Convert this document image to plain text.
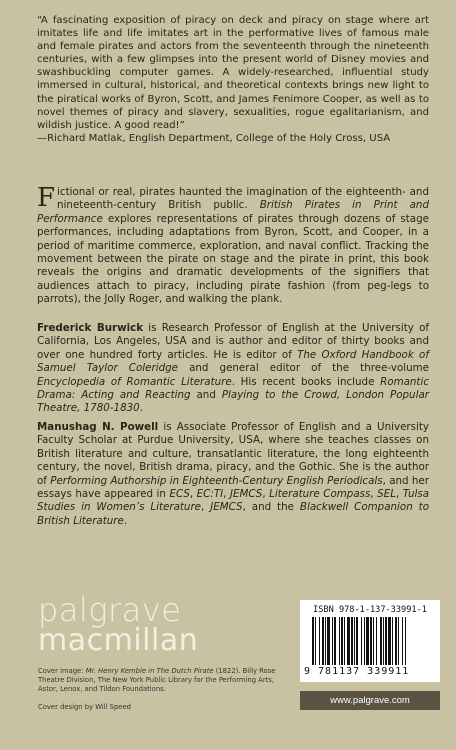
“A fascinating exposition of piracy on deck and piracy on stage where art imitates life and life imitates art in the performative lives of famous male and female pirates and actors from the seventeenth through the nineteenth centuries, with a few glimpses into the present world of Disney movies and swashbuckling computer games. A widely-researched, influential study immersed in cultural, historical, and theoretical contexts brings new light to the piratical works of Byron, Scott, and James Fenimore Cooper, as well as to novel themes of piracy and slavery, sexualities, rogue egalitarianism, and wildish justice. A good read!”

—Richard Matlak, English Department, College of the Holy Cross, USA

Fictional or real, pirates haunted the imagination of the eighteenth- and nineteenth-century British public. British Pirates in Print and Performance explores representations of pirates through dozens of stage performances, including adaptations from Byron, Scott, and Cooper, in a period of maritime commerce, exploration, and naval conflict. Tracking the movement between the pirate on stage and the pirate in print, this book reveals the origins and dramatic developments of the signifiers that audiences attach to piracy, including pirate fashion (from peg-legs to parrots), the Jolly Roger, and walking the plank.
Frederick Burwick is Research Professor of English at the University of California, Los Angeles, USA and is author and editor of thirty books and over one hundred forty articles. He is editor of The Oxford Handbook of Samuel Taylor Coleridge and general editor of the three-volume Encyclopedia of Romantic Literature. His recent books include Romantic Drama: Acting and Reacting and Playing to the Crowd, London Popular Theatre, 1780-1830.
Manushag N. Powell is Associate Professor of English and a University Faculty Scholar at Purdue University, USA, where she teaches classes on British literature and culture, transatlantic literature, the long eighteenth century, the novel, British drama, piracy, and the Gothic. She is the author of Performing Authorship in Eighteenth-Century English Periodicals, and her essays have appeared in ECS, EC:TI, JEMCS, Literature Compass, SEL, Tulsa Studies in Women’s Literature, JEMCS, and the Blackwell Companion to British Literature.
palgrave
macmillan
Cover image: Mr. Henry Kemble in The Dutch Pirate (1822). Billy Rose Theatre Division, The New York Public Library for the Performing Arts, Astor, Lenox, and Tildon Foundations.
Cover design by Will Speed
ISBN 978-1-137-33991-1
9 781137 339911
www.palgrave.com
